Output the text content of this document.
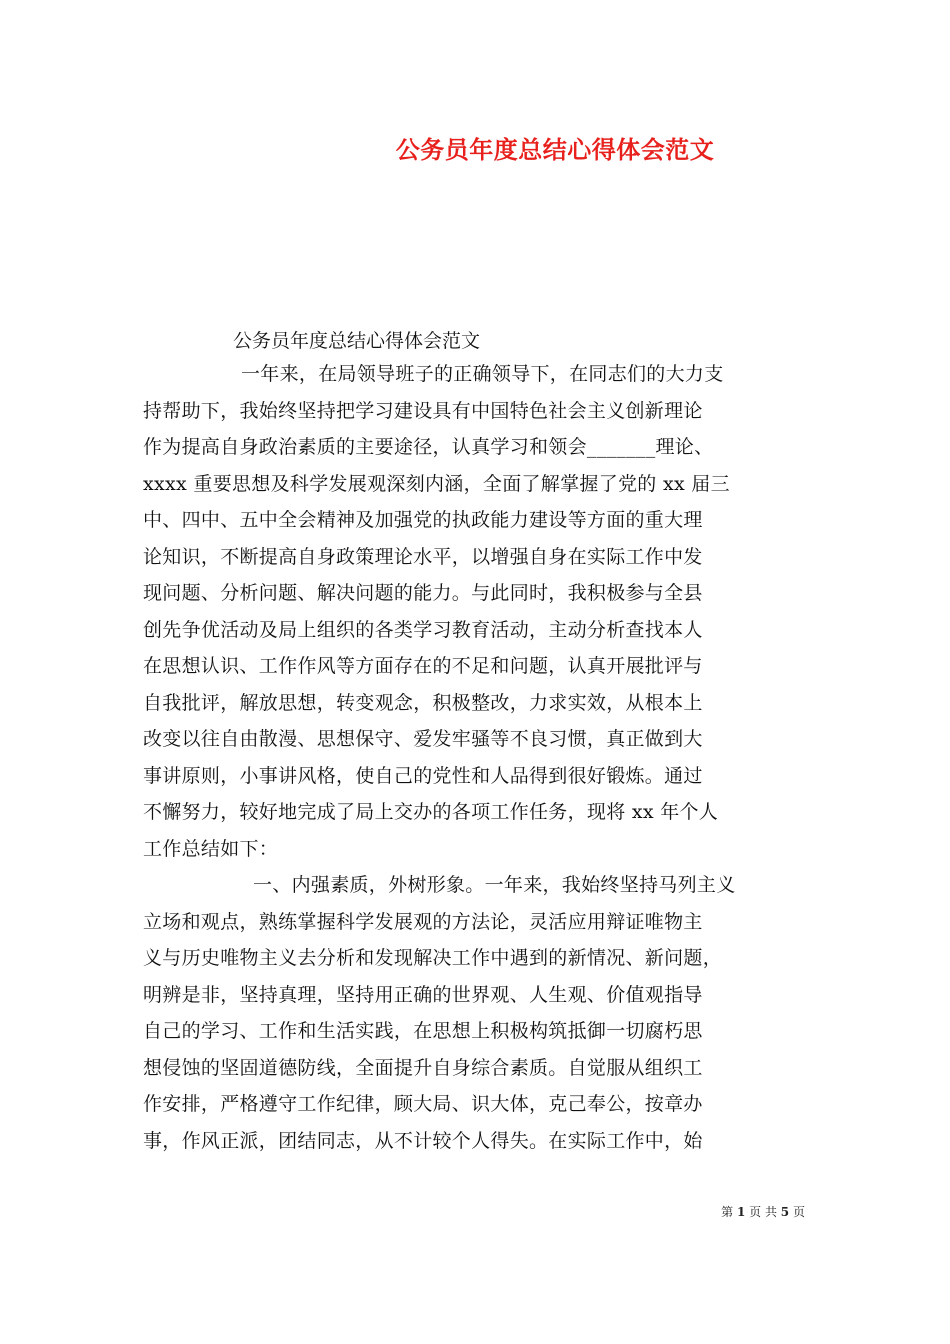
公务员年度总结心得体会范文
公务员年度总结心得体会范文
一年来，在局领导班子的正确领导下，在同志们的大力支
持帮助下，我始终坚持把学习建设具有中国特色社会主义创新理论
作为提高自身政治素质的主要途径，认真学习和领会_______理论、
xxxx 重要思想及科学发展观深刻内涵，全面了解掌握了党的 xx 届三
中、四中、五中全会精神及加强党的执政能力建设等方面的重大理
论知识，不断提高自身政策理论水平，以增强自身在实际工作中发
现问题、分析问题、解决问题的能力。与此同时，我积极参与全县
创先争优活动及局上组织的各类学习教育活动，主动分析查找本人
在思想认识、工作作风等方面存在的不足和问题，认真开展批评与
自我批评，解放思想，转变观念，积极整改，力求实效，从根本上
改变以往自由散漫、思想保守、爱发牢骚等不良习惯，真正做到大
事讲原则，小事讲风格，使自己的党性和人品得到很好锻炼。通过
不懈努力，较好地完成了局上交办的各项工作任务，现将 xx 年个人
工作总结如下：
一、内强素质，外树形象。一年来，我始终坚持马列主义
立场和观点，熟练掌握科学发展观的方法论，灵活应用辩证唯物主
义与历史唯物主义去分析和发现解决工作中遇到的新情况、新问题，
明辨是非，坚持真理，坚持用正确的世界观、人生观、价值观指导
自己的学习、工作和生活实践，在思想上积极构筑抵御一切腐朽思
想侵蚀的坚固道德防线，全面提升自身综合素质。自觉服从组织工
作安排，严格遵守工作纪律，顾大局、识大体，克己奉公，按章办
事，作风正派，团结同志，从不计较个人得失。在实际工作中，始
第 1 页 共 5 页
